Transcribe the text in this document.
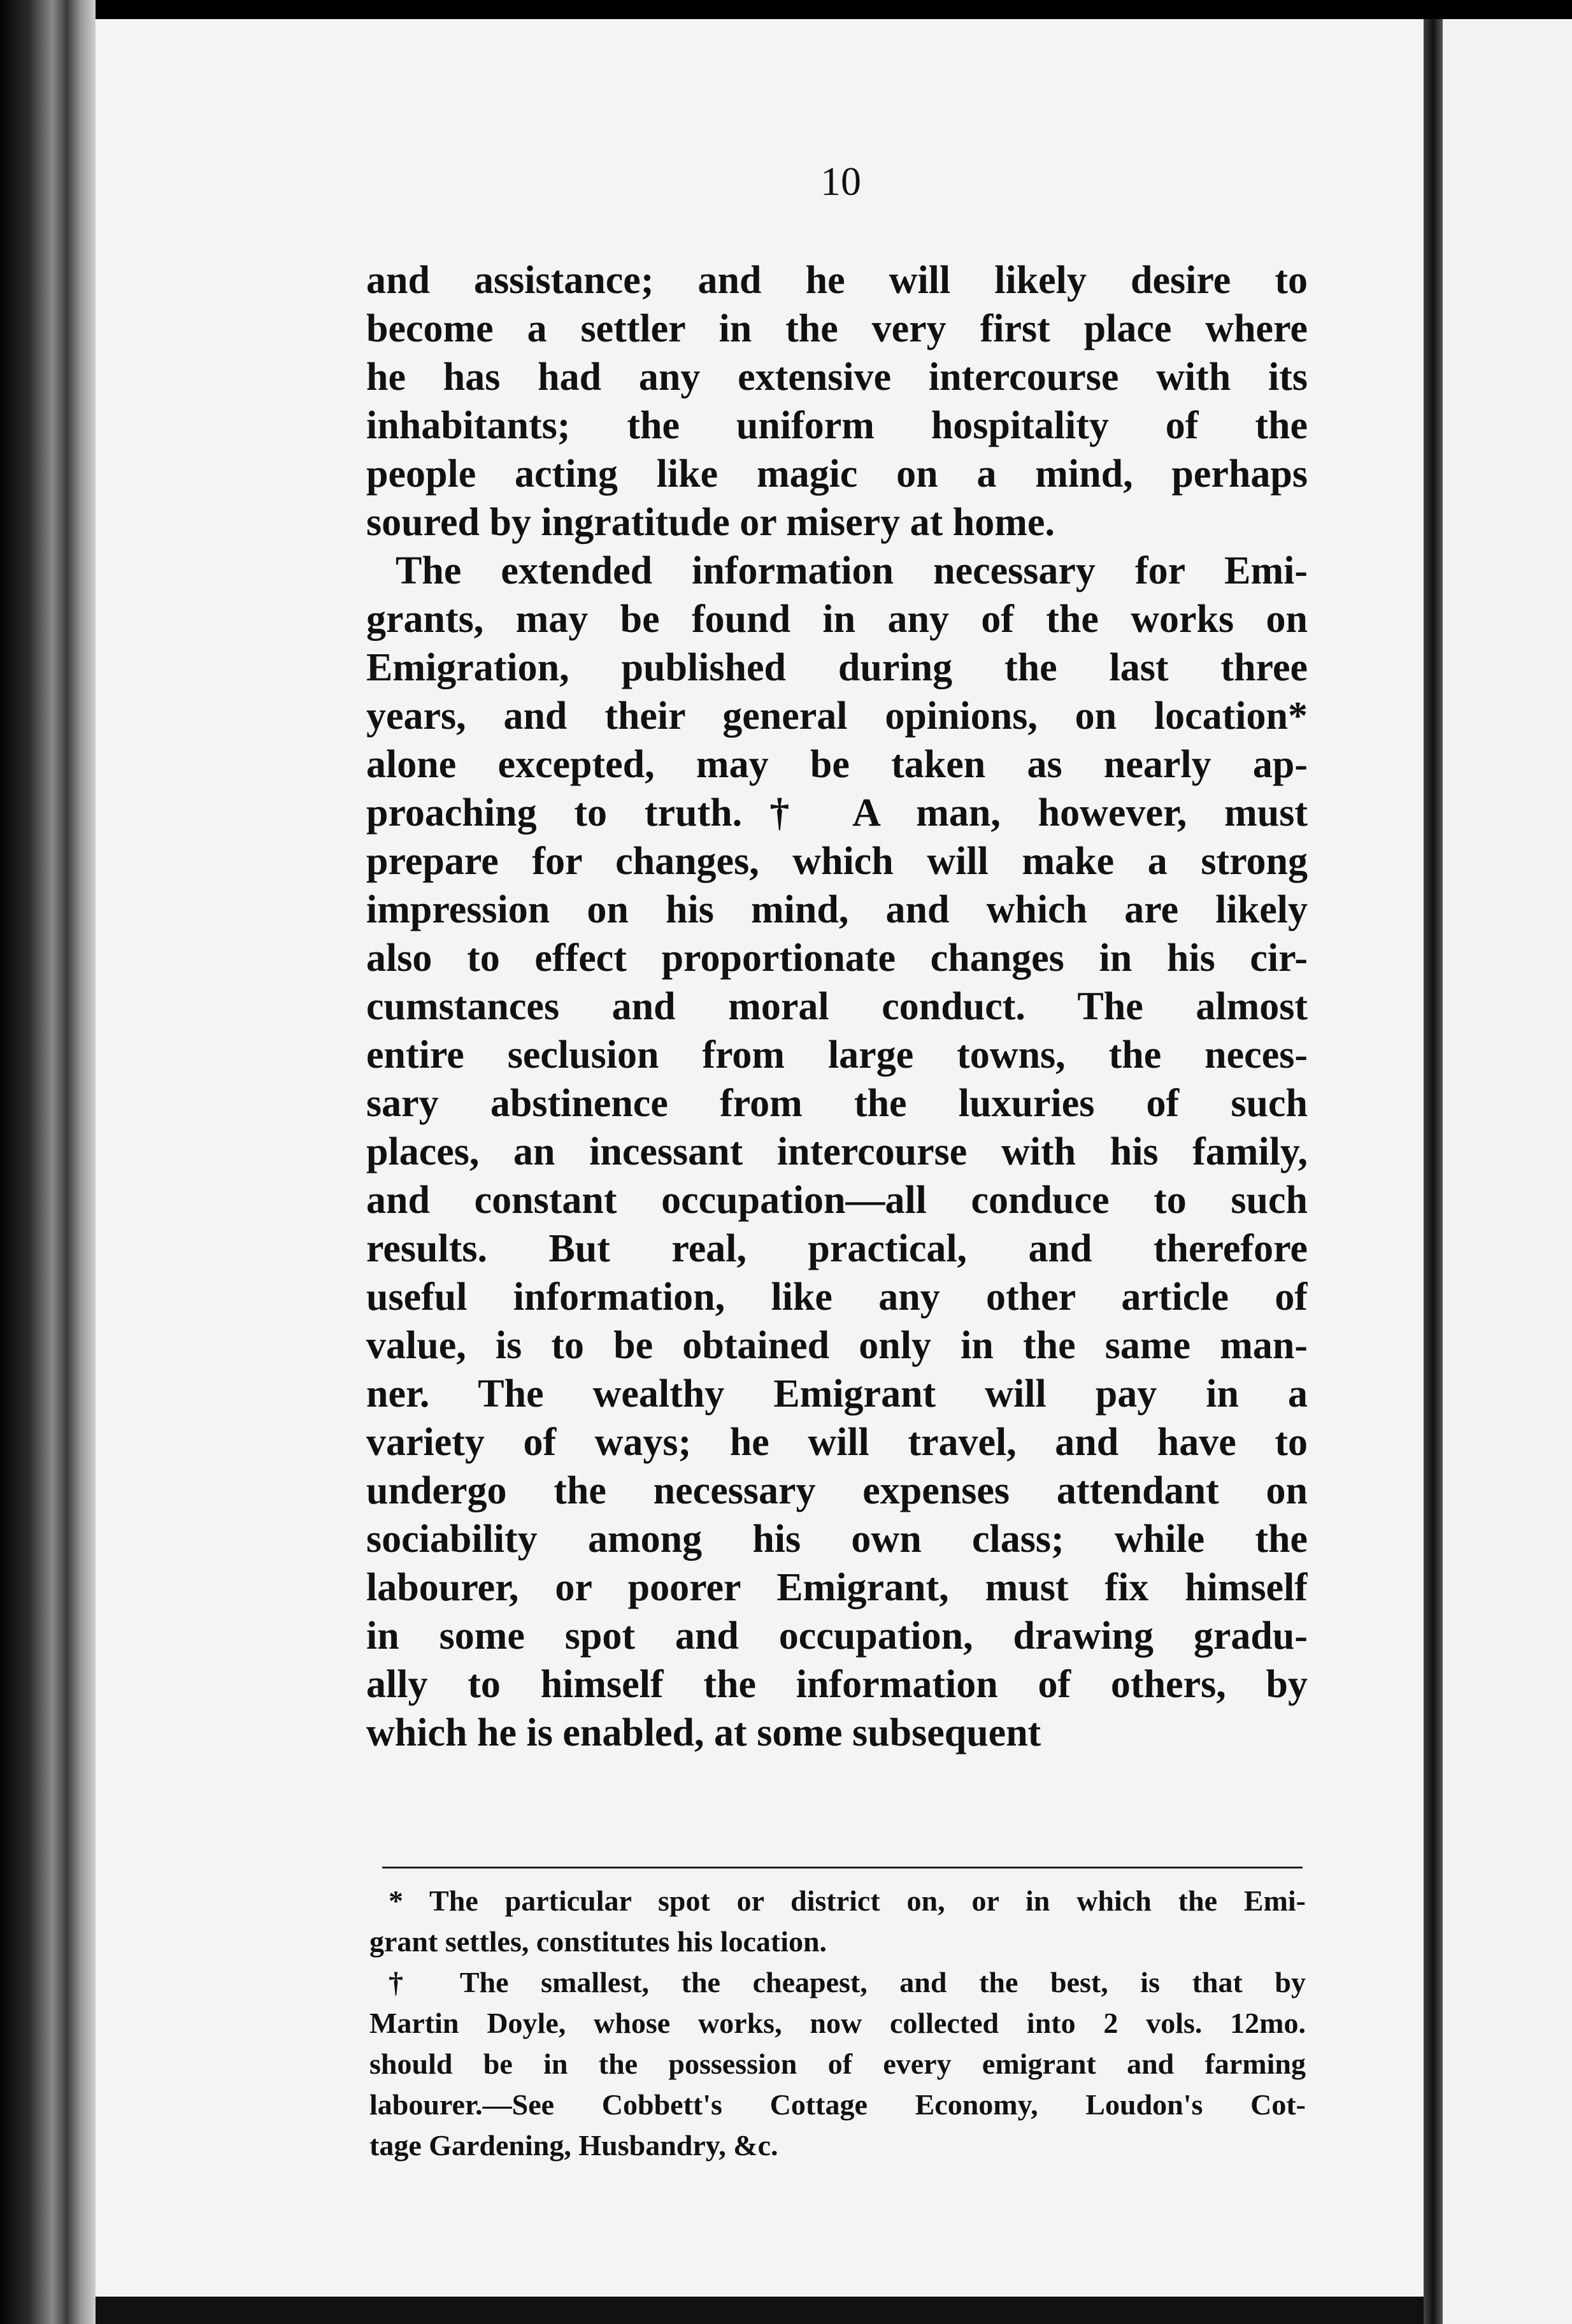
10

and assistance; and he will likely desire to
become a settler in the very first place where
he has had any extensive intercourse with its
inhabitants; the uniform hospitality of the
people acting like magic on a mind, perhaps
soured by ingratitude or misery at home.
The extended information necessary for Emi-
grants, may be found in any of the works on
Emigration, published during the last three
years, and their general opinions, on location*
alone excepted, may be taken as nearly ap-
proaching to truth.† A man, however, must
prepare for changes, which will make a strong
impression on his mind, and which are likely
also to effect proportionate changes in his cir-
cumstances and moral conduct. The almost
entire seclusion from large towns, the neces-
sary abstinence from the luxuries of such
places, an incessant intercourse with his family,
and constant occupation—all conduce to such
results. But real, practical, and therefore
useful information, like any other article of
value, is to be obtained only in the same man-
ner. The wealthy Emigrant will pay in a
variety of ways; he will travel, and have to
undergo the necessary expenses attendant on
sociability among his own class; while the
labourer, or poorer Emigrant, must fix himself
in some spot and occupation, drawing gradu-
ally to himself the information of others, by
which he is enabled, at some subsequent
* The particular spot or district on, or in which the Emi-
grant settles, constitutes his location.
† The smallest, the cheapest, and the best, is that by
Martin Doyle, whose works, now collected into 2 vols. 12mo.
should be in the possession of every emigrant and farming
labourer.—See Cobbett's Cottage Economy, Loudon's Cot-
tage Gardening, Husbandry, &c.
